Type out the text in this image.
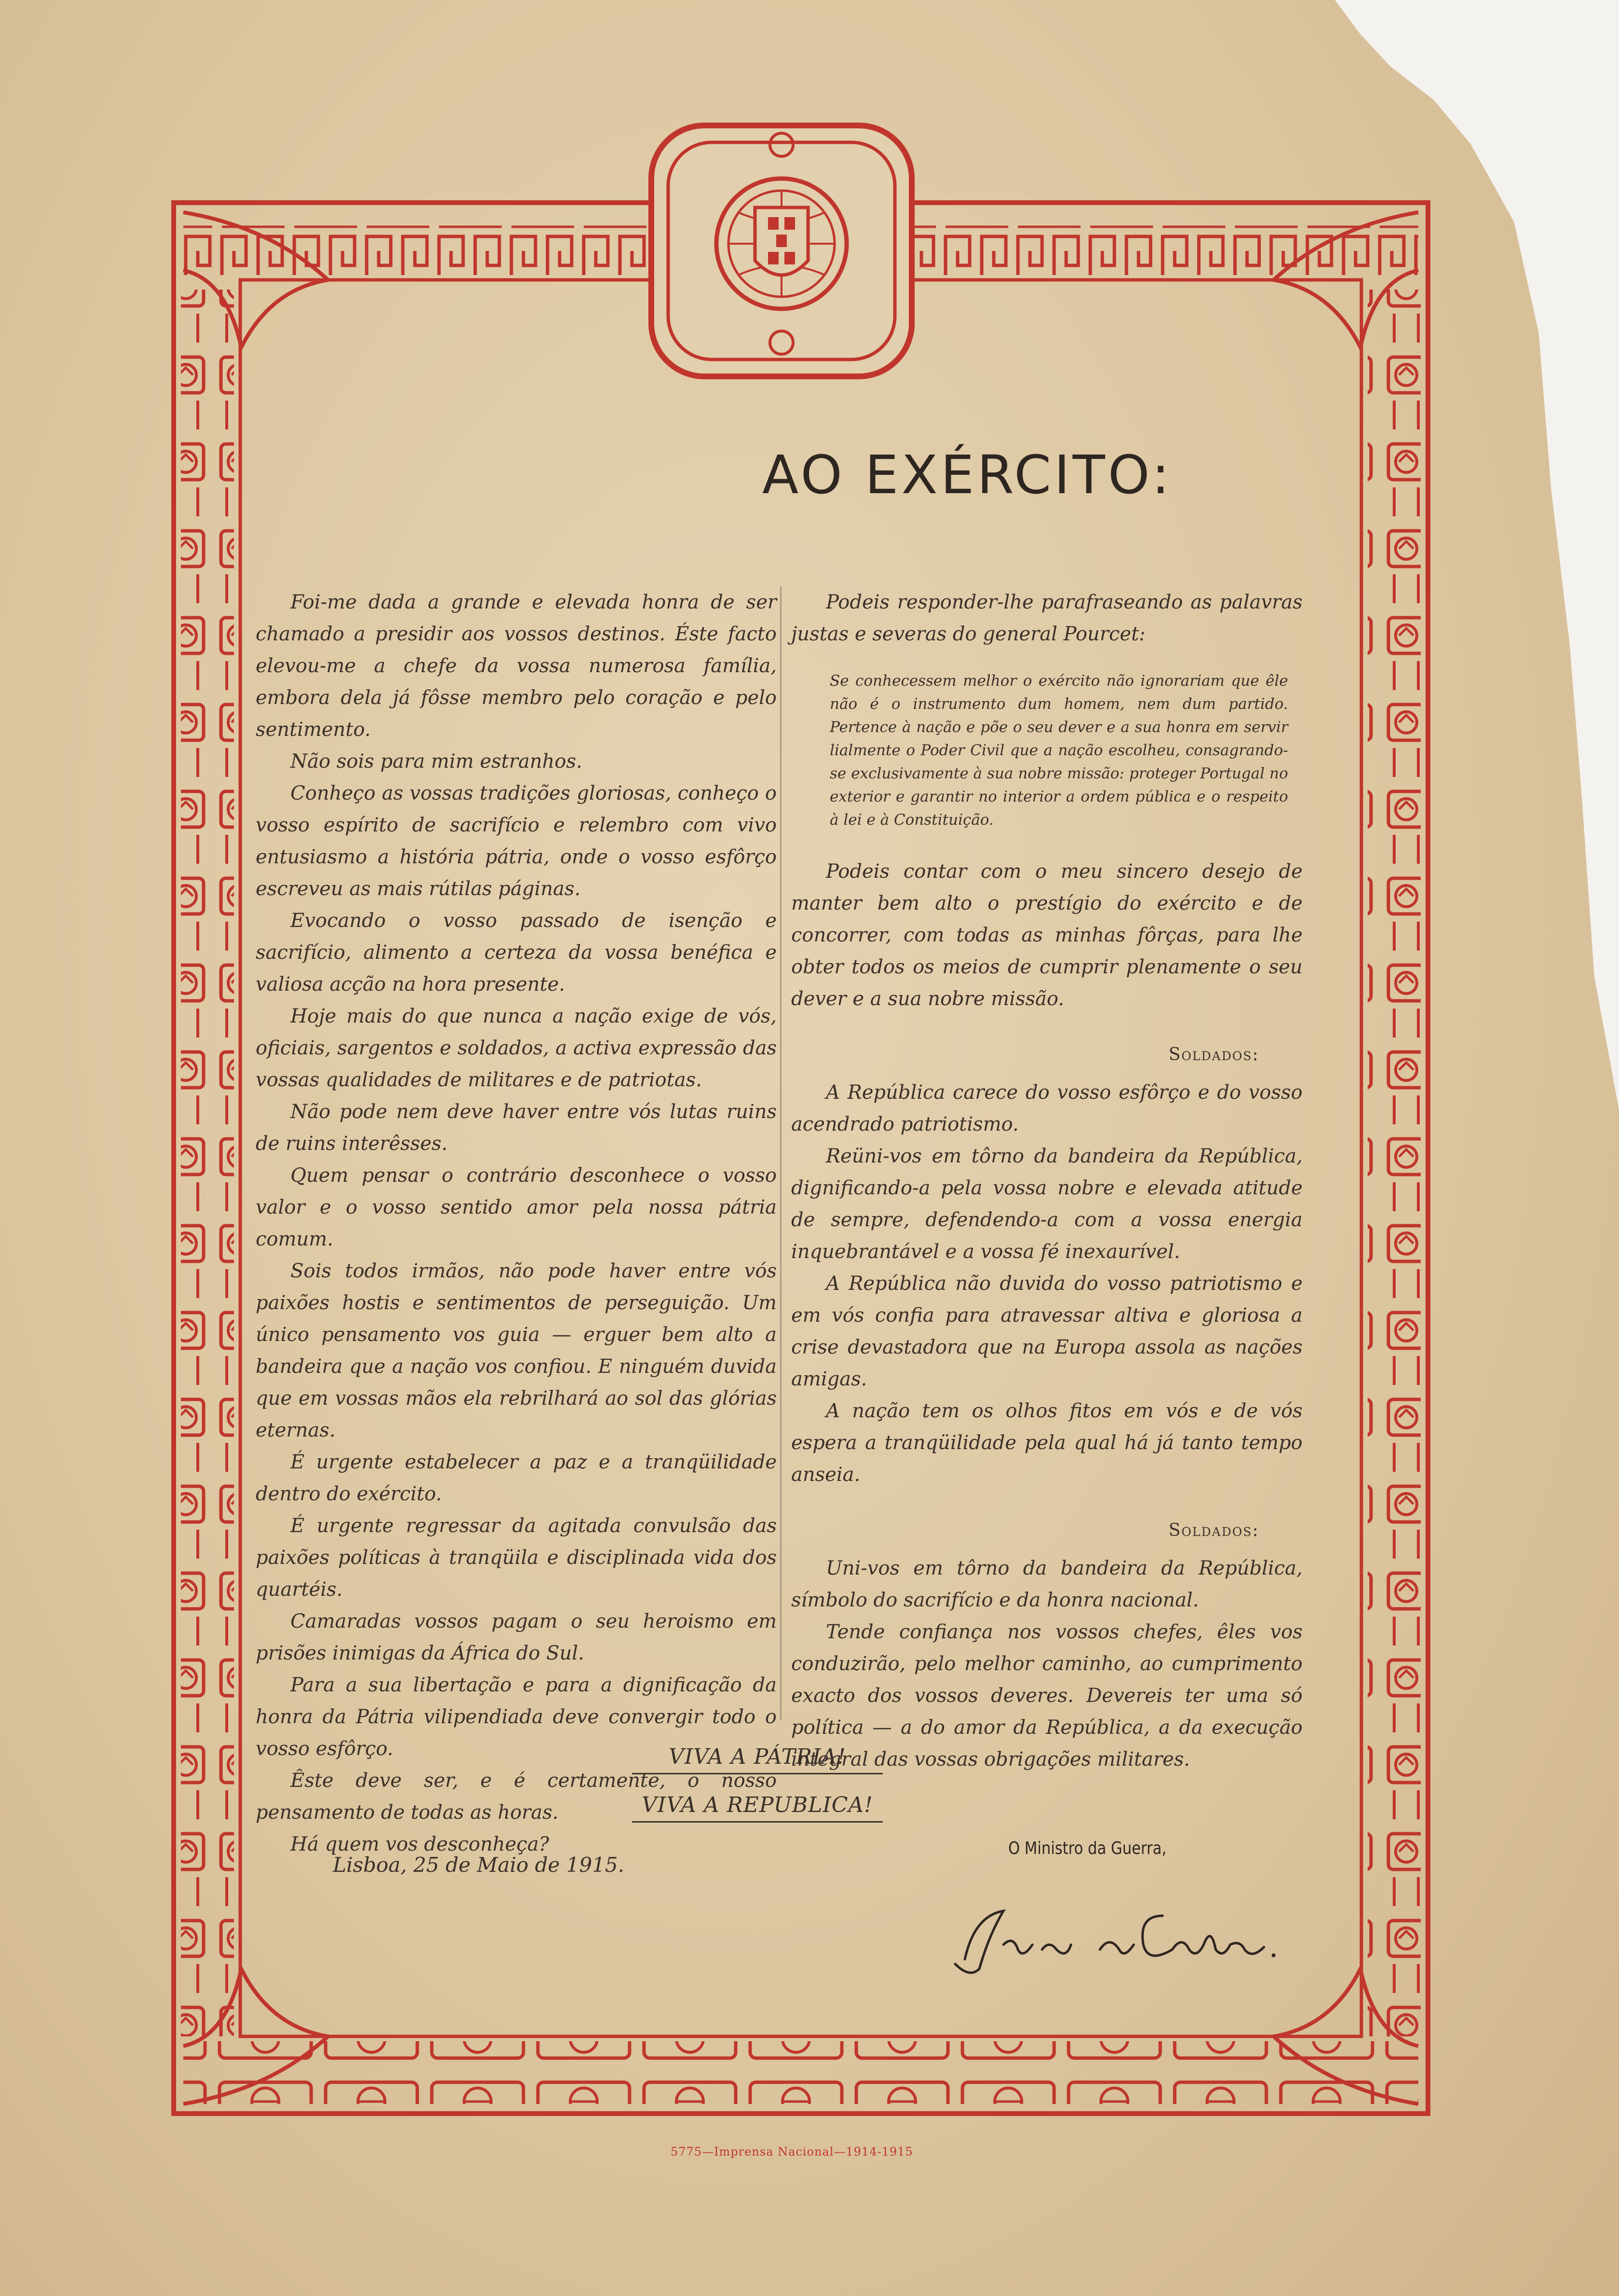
AO EXÉRCITO:

Foi-me dada a grande e elevada honra de ser chamado a presidir aos vossos destinos. Éste facto elevou-me a chefe da vossa numerosa família, embora dela já fôsse membro pelo coração e pelo sentimento.

Não sois para mim estranhos.

Conheço as vossas tradições gloriosas, conheço o vosso espírito de sacrifício e relembro com vivo entusiasmo a história pátria, onde o vosso esfôrço escreveu as mais rútilas páginas.

Evocando o vosso passado de isenção e sacrifício, alimento a certeza da vossa benéfica e valiosa acção na hora presente.

Hoje mais do que nunca a nação exige de vós, oficiais, sargentos e soldados, a activa expressão das vossas qualidades de militares e de patriotas.

Não pode nem deve haver entre vós lutas ruins de ruins interêsses.

Quem pensar o contrário desconhece o vosso valor e o vosso sentido amor pela nossa pátria comum.

Sois todos irmãos, não pode haver entre vós paixões hostis e sentimentos de perseguição. Um único pensamento vos guia — erguer bem alto a bandeira que a nação vos confiou. E ninguém duvida que em vossas mãos ela rebrilhará ao sol das glórias eternas.

É urgente estabelecer a paz e a tranqüilidade dentro do exército.

É urgente regressar da agitada convulsão das paixões políticas à tranqüila e disciplinada vida dos quartéis.

Camaradas vossos pagam o seu heroismo em prisões inimigas da África do Sul.

Para a sua libertação e para a dignificação da honra da Pátria vilipendiada deve convergir todo o vosso esfôrço.

Êste deve ser, e é certamente, o nosso pensamento de todas as horas.

Há quem vos desconheça?

Podeis responder-lhe parafraseando as palavras justas e severas do general Pourcet:

Se conhecessem melhor o exército não ignorariam que êle não é o instrumento dum homem, nem dum partido. Pertence à nação e põe o seu dever e a sua honra em servir lialmente o Poder Civil que a nação escolheu, consagrando-se exclusivamente à sua nobre missão: proteger Portugal no exterior e garantir no interior a ordem pública e o respeito à lei e à Constituição.

Podeis contar com o meu sincero desejo de manter bem alto o prestígio do exército e de concorrer, com todas as minhas fôrças, para lhe obter todos os meios de cumprir plenamente o seu dever e a sua nobre missão.

Soldados:

A República carece do vosso esfôrço e do vosso acendrado patriotismo.

Reüni-vos em tôrno da bandeira da República, dignificando-a pela vossa nobre e elevada atitude de sempre, defendendo-a com a vossa energia inquebrantável e a vossa fé inexaurível.

A República não duvida do vosso patriotismo e em vós confia para atravessar altiva e gloriosa a crise devastadora que na Europa assola as nações amigas.

A nação tem os olhos fitos em vós e de vós espera a tranqüilidade pela qual há já tanto tempo anseia.

Soldados:

Uni-vos em tôrno da bandeira da República, símbolo do sacrifício e da honra nacional.

Tende confiança nos vossos chefes, êles vos conduzirão, pelo melhor caminho, ao cumprimento exacto dos vossos deveres. Devereis ter uma só política — a do amor da República, a da execução integral das vossas obrigações militares.

VIVA A PÁTRIA!
VIVA A REPUBLICA!
Lisboa, 25 de Maio de 1915.
O Ministro da Guerra,
5775—Imprensa Nacional—1914-1915
